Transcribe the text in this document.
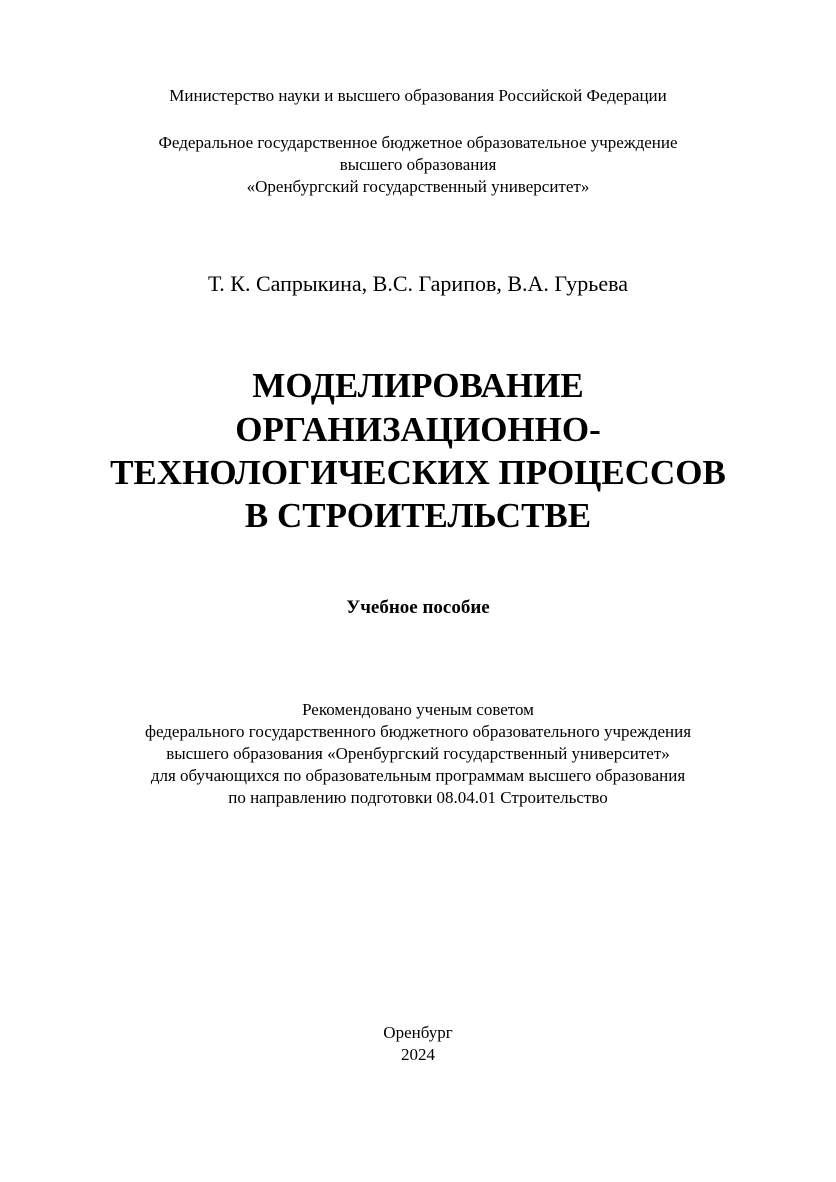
Министерство науки и высшего образования Российской Федерации
Федеральное государственное бюджетное образовательное учреждение
высшего образования
«Оренбургский государственный университет»
Т. К. Сапрыкина, В.С. Гарипов, В.А. Гурьева
МОДЕЛИРОВАНИЕ
ОРГАНИЗАЦИОННО-
ТЕХНОЛОГИЧЕСКИХ ПРОЦЕССОВ
В СТРОИТЕЛЬСТВЕ
Учебное пособие
Рекомендовано ученым советом
федерального государственного бюджетного образовательного учреждения
высшего образования «Оренбургский государственный университет»
для обучающихся по образовательным программам высшего образования
по направлению подготовки 08.04.01 Строительство
Оренбург
2024
